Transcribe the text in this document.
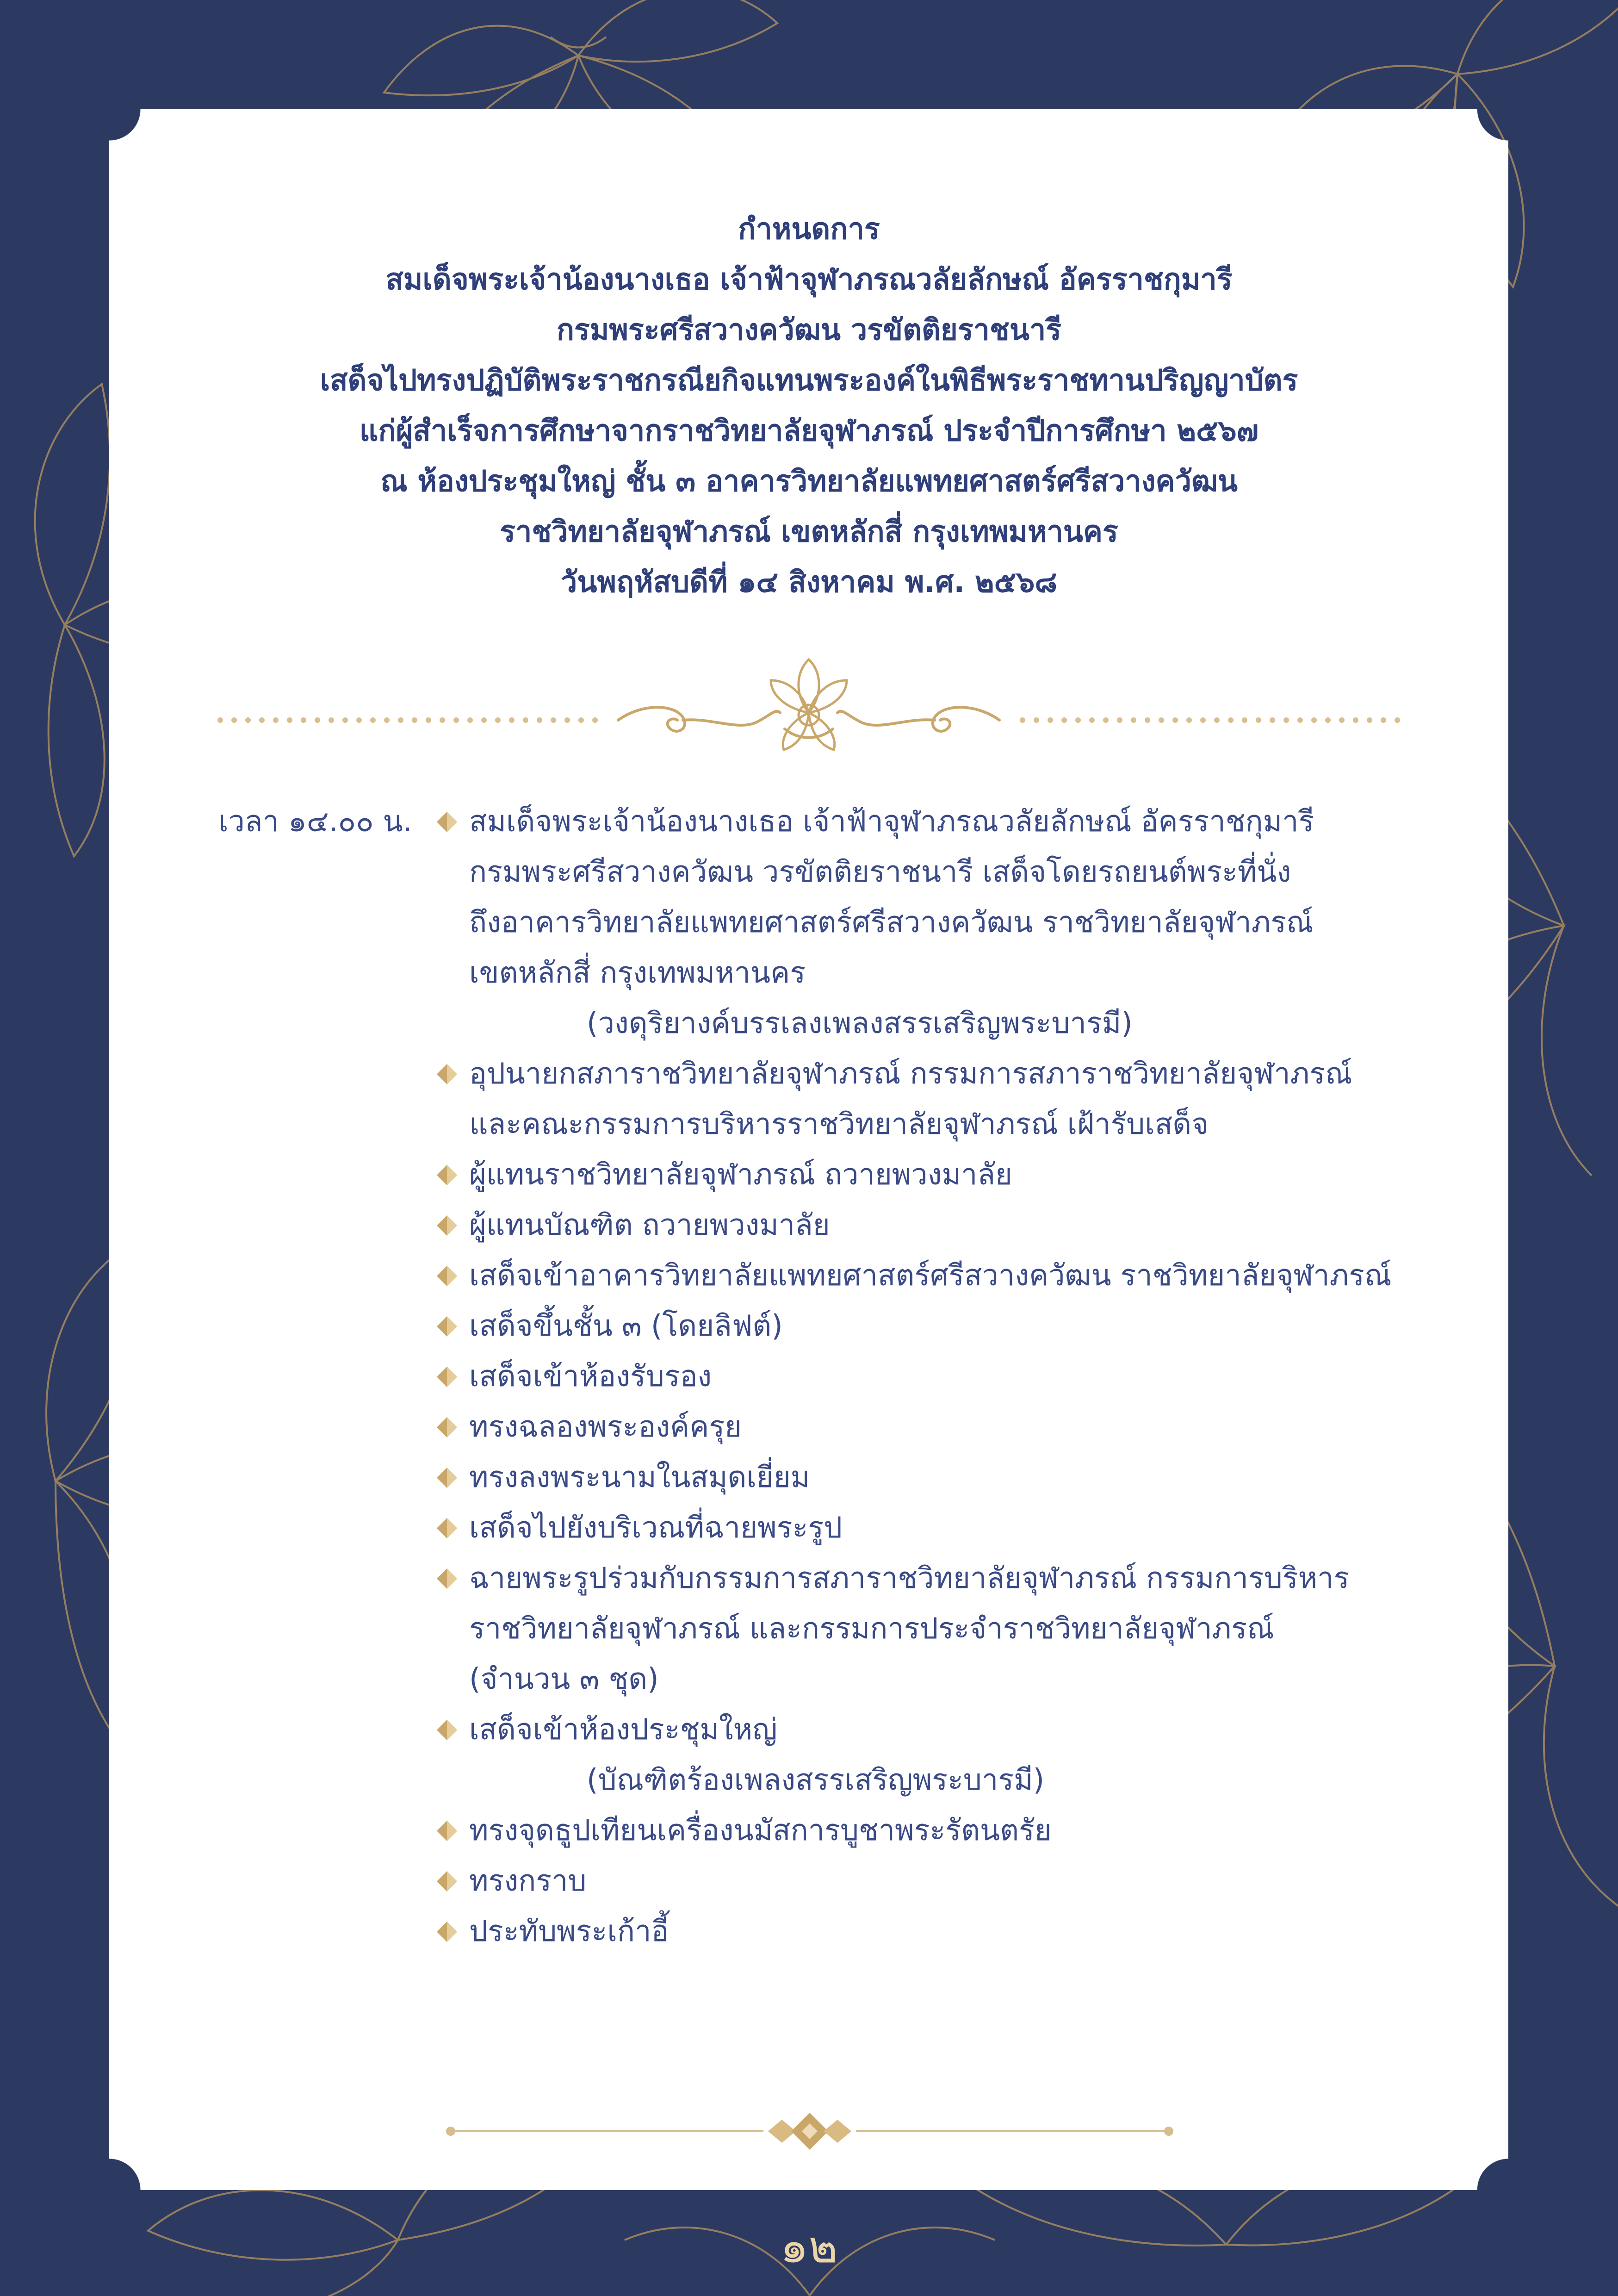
กำหนดการ
สมเด็จพระเจ้าน้องนางเธอ เจ้าฟ้าจุฬาภรณวลัยลักษณ์ อัครราชกุมารี
กรมพระศรีสวางควัฒน วรขัตติยราชนารี
เสด็จไปทรงปฏิบัติพระราชกรณียกิจแทนพระองค์ในพิธีพระราชทานปริญญาบัตร
แก่ผู้สำเร็จการศึกษาจากราชวิทยาลัยจุฬาภรณ์ ประจำปีการศึกษา ๒๕๖๗
ณ ห้องประชุมใหญ่ ชั้น ๓ อาคารวิทยาลัยแพทยศาสตร์ศรีสวางควัฒน
ราชวิทยาลัยจุฬาภรณ์ เขตหลักสี่ กรุงเทพมหานคร
วันพฤหัสบดีที่ ๑๔ สิงหาคม พ.ศ. ๒๕๖๘
เวลา ๑๔.๐๐ น.	สมเด็จพระเจ้าน้องนางเธอ เจ้าฟ้าจุฬาภรณวลัยลักษณ์ อัครราชกุมารี
กรมพระศรีสวางควัฒน วรขัตติยราชนารี เสด็จโดยรถยนต์พระที่นั่ง
ถึงอาคารวิทยาลัยแพทยศาสตร์ศรีสวางควัฒน ราชวิทยาลัยจุฬาภรณ์
เขตหลักสี่ กรุงเทพมหานคร
(วงดุริยางค์บรรเลงเพลงสรรเสริญพระบารมี)
อุปนายกสภาราชวิทยาลัยจุฬาภรณ์ กรรมการสภาราชวิทยาลัยจุฬาภรณ์
และคณะกรรมการบริหารราชวิทยาลัยจุฬาภรณ์ เฝ้ารับเสด็จ
ผู้แทนราชวิทยาลัยจุฬาภรณ์ ถวายพวงมาลัย
ผู้แทนบัณฑิต ถวายพวงมาลัย
เสด็จเข้าอาคารวิทยาลัยแพทยศาสตร์ศรีสวางควัฒน ราชวิทยาลัยจุฬาภรณ์
เสด็จขึ้นชั้น ๓ (โดยลิฟต์)
เสด็จเข้าห้องรับรอง
ทรงฉลองพระองค์ครุย
ทรงลงพระนามในสมุดเยี่ยม
เสด็จไปยังบริเวณที่ฉายพระรูป
ฉายพระรูปร่วมกับกรรมการสภาราชวิทยาลัยจุฬาภรณ์ กรรมการบริหาร
ราชวิทยาลัยจุฬาภรณ์ และกรรมการประจำราชวิทยาลัยจุฬาภรณ์
(จำนวน ๓ ชุด)
เสด็จเข้าห้องประชุมใหญ่
(บัณฑิตร้องเพลงสรรเสริญพระบารมี)
ทรงจุดธูปเทียนเครื่องนมัสการบูชาพระรัตนตรัย
ทรงกราบ
ประทับพระเก้าอี้
๑๒
